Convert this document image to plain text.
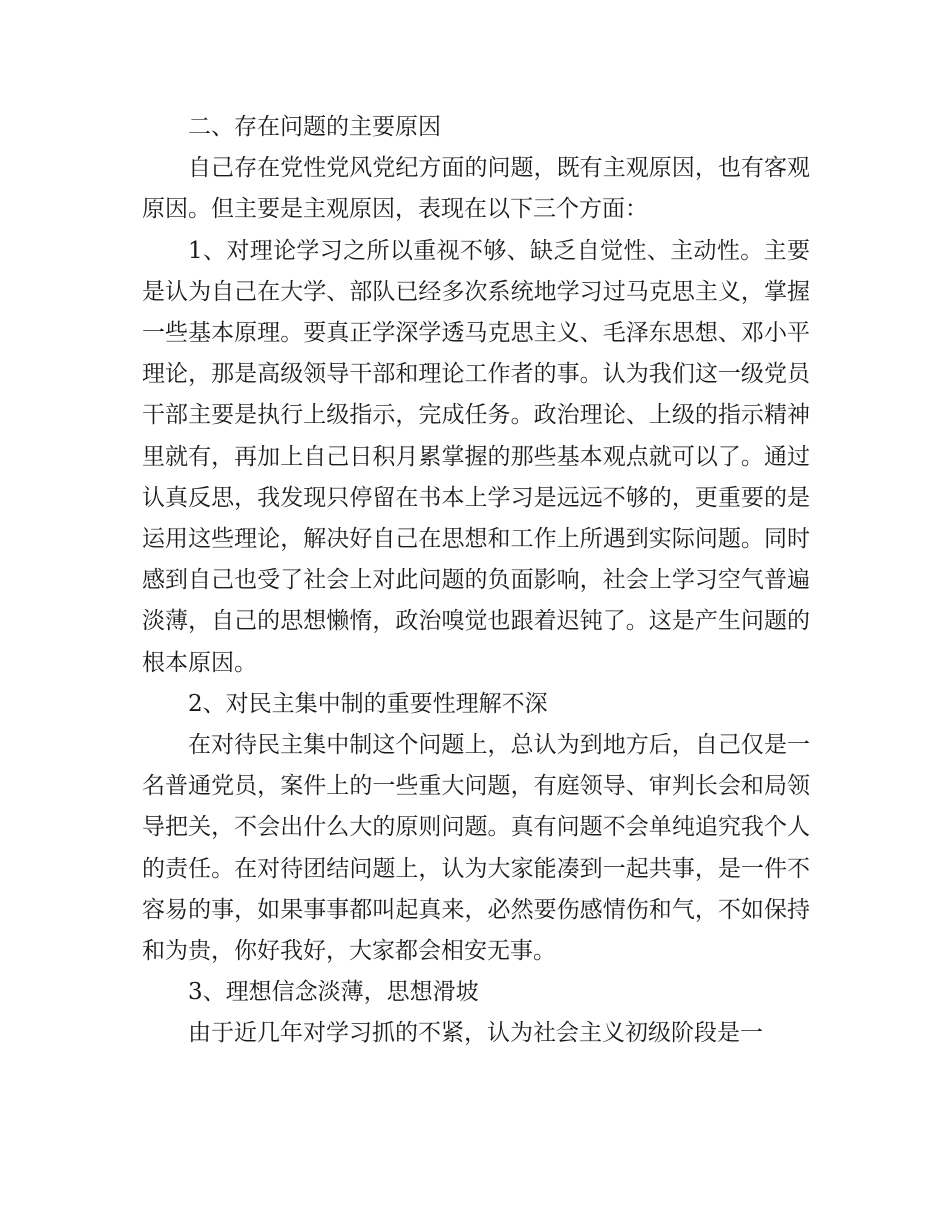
二、存在问题的主要原因

自己存在党性党风党纪方面的问题，既有主观原因，也有客观原因。但主要是主观原因，表现在以下三个方面：

1、对理论学习之所以重视不够、缺乏自觉性、主动性。主要是认为自己在大学、部队已经多次系统地学习过马克思主义，掌握一些基本原理。要真正学深学透马克思主义、毛泽东思想、邓小平理论，那是高级领导干部和理论工作者的事。认为我们这一级党员干部主要是执行上级指示，完成任务。政治理论、上级的指示精神里就有，再加上自己日积月累掌握的那些基本观点就可以了。通过认真反思，我发现只停留在书本上学习是远远不够的，更重要的是运用这些理论，解决好自己在思想和工作上所遇到实际问题。同时感到自己也受了社会上对此问题的负面影响，社会上学习空气普遍淡薄，自己的思想懒惰，政治嗅觉也跟着迟钝了。这是产生问题的根本原因。

2、对民主集中制的重要性理解不深

在对待民主集中制这个问题上，总认为到地方后，自己仅是一名普通党员，案件上的一些重大问题，有庭领导、审判长会和局领导把关，不会出什么大的原则问题。真有问题不会单纯追究我个人的责任。在对待团结问题上，认为大家能凑到一起共事，是一件不容易的事，如果事事都叫起真来，必然要伤感情伤和气，不如保持和为贵，你好我好，大家都会相安无事。

3、理想信念淡薄，思想滑坡

由于近几年对学习抓的不紧，认为社会主义初级阶段是一
